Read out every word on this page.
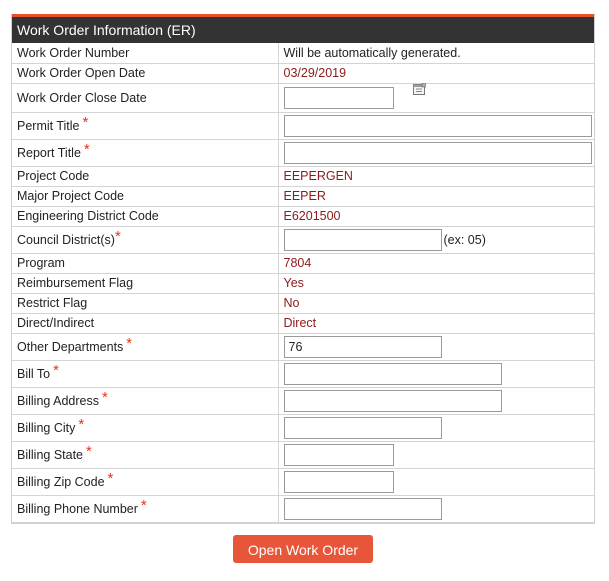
Work Order Information (ER)
Work Order Number	Will be automatically generated.
Work Order Open Date	03/29/2019
Work Order Close Date	
Permit Title *	
Report Title *	
Project Code	EEPERGEN
Major Project Code	EEPER
Engineering District Code	E6201500
Council District(s)*	(ex: 05)
Program	7804
Reimbursement Flag	Yes
Restrict Flag	No
Direct/Indirect	Direct
Other Departments *	76
Bill To *	
Billing Address *	
Billing City *	
Billing State *	
Billing Zip Code *	
Billing Phone Number *	
Open Work Order
